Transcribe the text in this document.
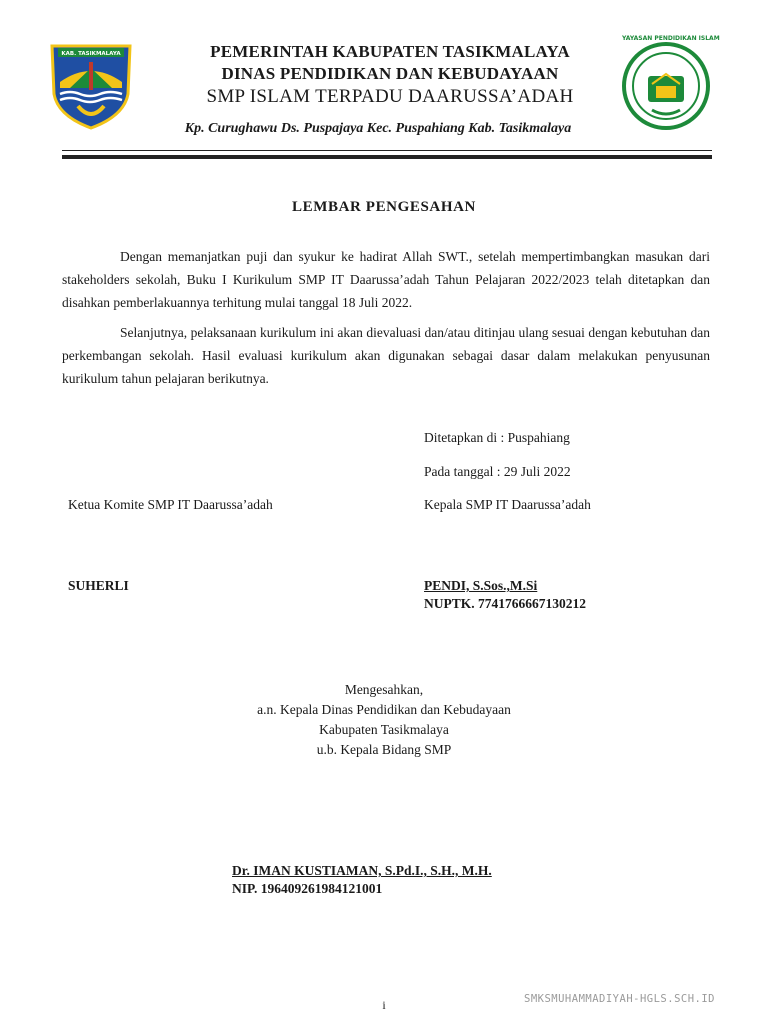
KAB. TASIKMALAYA
YAYASAN PENDIDIKAN ISLAM
PEMERINTAH KABUPATEN TASIKMALAYA
DINAS PENDIDIKAN DAN KEBUDAYAAN
SMP ISLAM TERPADU DAARUSSA’ADAH
Kp. Curughawu Ds. Puspajaya Kec. Puspahiang Kab. Tasikmalaya
LEMBAR PENGESAHAN
Dengan memanjatkan puji dan syukur ke hadirat Allah SWT., setelah mempertimbangkan masukan dari stakeholders sekolah, Buku I Kurikulum SMP IT Daarussa’adah Tahun Pelajaran 2022/2023 telah ditetapkan dan disahkan pemberlakuannya terhitung mulai tanggal 18 Juli 2022.
Selanjutnya, pelaksanaan kurikulum ini akan dievaluasi dan/atau ditinjau ulang sesuai dengan kebutuhan dan perkembangan sekolah. Hasil evaluasi kurikulum akan digunakan sebagai dasar dalam melakukan penyusunan kurikulum tahun pelajaran berikutnya.
Ditetapkan di : Puspahiang
Pada tanggal : 29 Juli 2022
Ketua Komite SMP IT Daarussa’adah	Kepala SMP IT Daarussa’adah
SUHERLI	PENDI, S.Sos.,M.Si
NUPTK. 7741766667130212
Mengesahkan,
a.n. Kepala Dinas Pendidikan dan Kebudayaan
Kabupaten Tasikmalaya
u.b. Kepala Bidang SMP
Dr. IMAN KUSTIAMAN, S.Pd.I., S.H., M.H.
NIP. 196409261984121001
i	SMKSMUHAMMADIYAH-HGLS.SCH.ID
